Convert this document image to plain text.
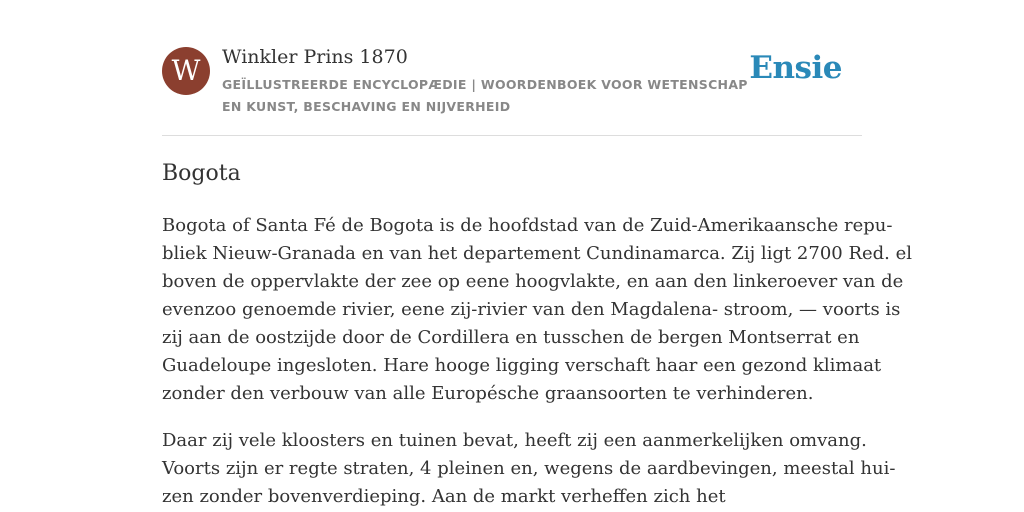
W	Winkler Prins 1870
GEÏLLUSTREERDE ENCYCLOPÆDIE | WOORDENBOEK VOOR WETENSCHAP EN KUNST, BESCHAVING EN NIJVERHEID
Ensie
Bogota

Bogota of Santa Fé de Bogota is de hoofdstad van de Zuid-Amerikaansche repu-
bliek Nieuw-Granada en van het departement Cundinamarca. Zij ligt 2700 Red. el
boven de oppervlakte der zee op eene hoogvlakte, en aan den linkeroever van de
evenzoo genoemde rivier, eene zij-rivier van den Magdalena- stroom, — voorts is
zij aan de oostzijde door de Cordillera en tusschen de bergen Montserrat en
Guadeloupe ingesloten. Hare hooge ligging verschaft haar een gezond klimaat
zonder den verbouw van alle Europésche graansoorten te verhinderen.

Daar zij vele kloosters en tuinen bevat, heeft zij een aanmerkelijken omvang.
Voorts zijn er regte straten, 4 pleinen en, wegens de aardbevingen, meestal hui-
zen zonder bovenverdieping. Aan de markt verheffen zich het
